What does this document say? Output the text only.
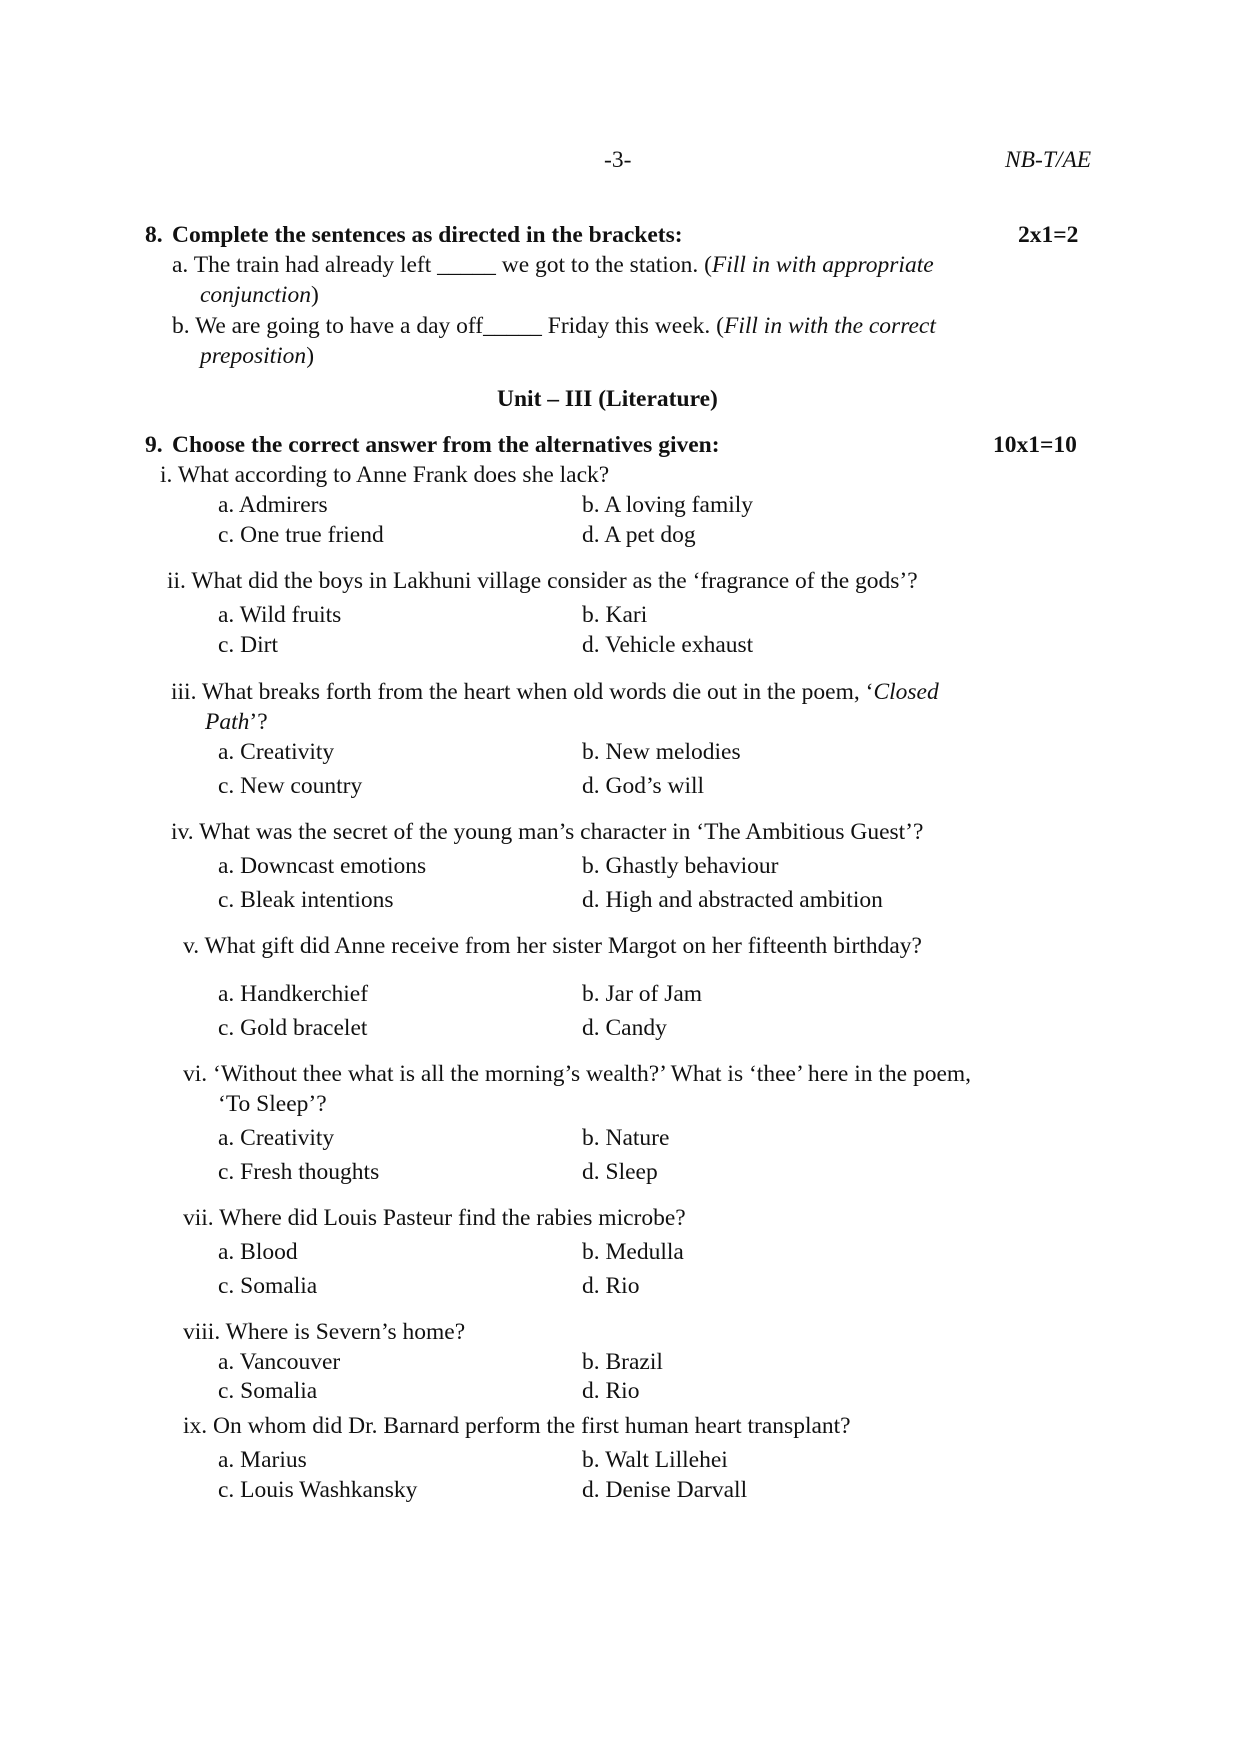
-3-	NB-T/AE
8. Complete the sentences as directed in the brackets:	2x1=2
a. The train had already left _____ we got to the station. (Fill in with appropriate
conjunction)
b. We are going to have a day off_____ Friday this week. (Fill in with the correct
preposition)
Unit – III (Literature)
9. Choose the correct answer from the alternatives given:	10x1=10
i. What according to Anne Frank does she lack?
a. Admirers	b. A loving family
c. One true friend	d. A pet dog
ii. What did the boys in Lakhuni village consider as the ‘fragrance of the gods’?
a. Wild fruits	b. Kari
c. Dirt	d. Vehicle exhaust
iii. What breaks forth from the heart when old words die out in the poem, ‘Closed
Path’?
a. Creativity	b. New melodies
c. New country	d. God’s will
iv. What was the secret of the young man’s character in ‘The Ambitious Guest’?
a. Downcast emotions	b. Ghastly behaviour
c. Bleak intentions	d. High and abstracted ambition
v. What gift did Anne receive from her sister Margot on her fifteenth birthday?
a. Handkerchief	b. Jar of Jam
c. Gold bracelet	d. Candy
vi. ‘Without thee what is all the morning’s wealth?’ What is ‘thee’ here in the poem,
‘To Sleep’?
a. Creativity	b. Nature
c. Fresh thoughts	d. Sleep
vii. Where did Louis Pasteur find the rabies microbe?
a. Blood	b. Medulla
c. Somalia	d. Rio
viii. Where is Severn’s home?
a. Vancouver	b. Brazil
c. Somalia	d. Rio
ix. On whom did Dr. Barnard perform the first human heart transplant?
a. Marius	b. Walt Lillehei
c. Louis Washkansky	d. Denise Darvall
